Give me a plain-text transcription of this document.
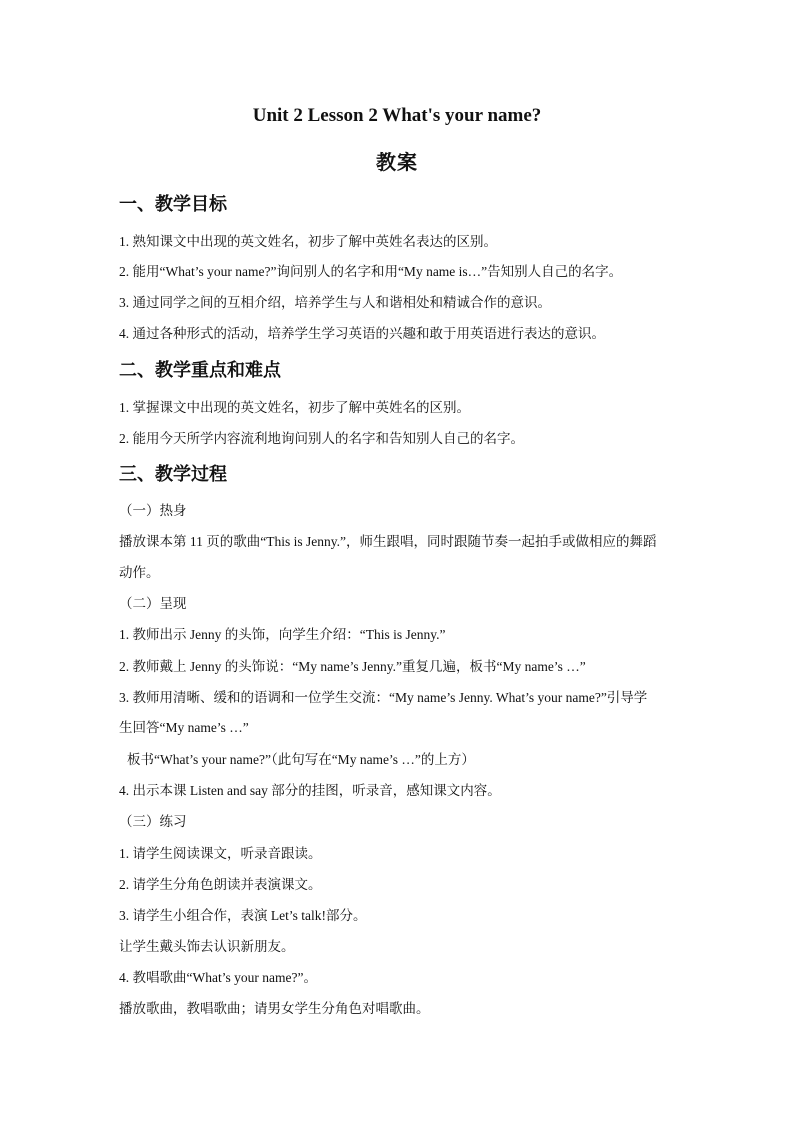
Unit 2 Lesson 2 What's your name?
教案
一、教学目标
1. 熟知课文中出现的英文姓名，初步了解中英姓名表达的区别。
2. 能用“What’s your name?”询问别人的名字和用“My name is…”告知别人自己的名字。
3. 通过同学之间的互相介绍，培养学生与人和谐相处和精诚合作的意识。
4. 通过各种形式的活动，培养学生学习英语的兴趣和敢于用英语进行表达的意识。
二、教学重点和难点
1. 掌握课文中出现的英文姓名，初步了解中英姓名的区别。
2. 能用今天所学内容流利地询问别人的名字和告知别人自己的名字。
三、教学过程
（一）热身
播放课本第 11 页的歌曲“This is Jenny.”，师生跟唱，同时跟随节奏一起拍手或做相应的舞蹈
动作。
（二）呈现
1. 教师出示 Jenny 的头饰，向学生介绍：“This is Jenny.”
2. 教师戴上 Jenny 的头饰说：“My name’s Jenny.”重复几遍，板书“My name’s …”
3. 教师用清晰、缓和的语调和一位学生交流：“My name’s Jenny. What’s your name?”引导学
生回答“My name’s …”
板书“What’s your name?”（此句写在“My name’s …”的上方）
4. 出示本课 Listen and say 部分的挂图，听录音，感知课文内容。
（三）练习
1. 请学生阅读课文，听录音跟读。
2. 请学生分角色朗读并表演课文。
3. 请学生小组合作，表演 Let’s talk!部分。
让学生戴头饰去认识新朋友。
4. 教唱歌曲“What’s your name?”。
播放歌曲，教唱歌曲；请男女学生分角色对唱歌曲。
